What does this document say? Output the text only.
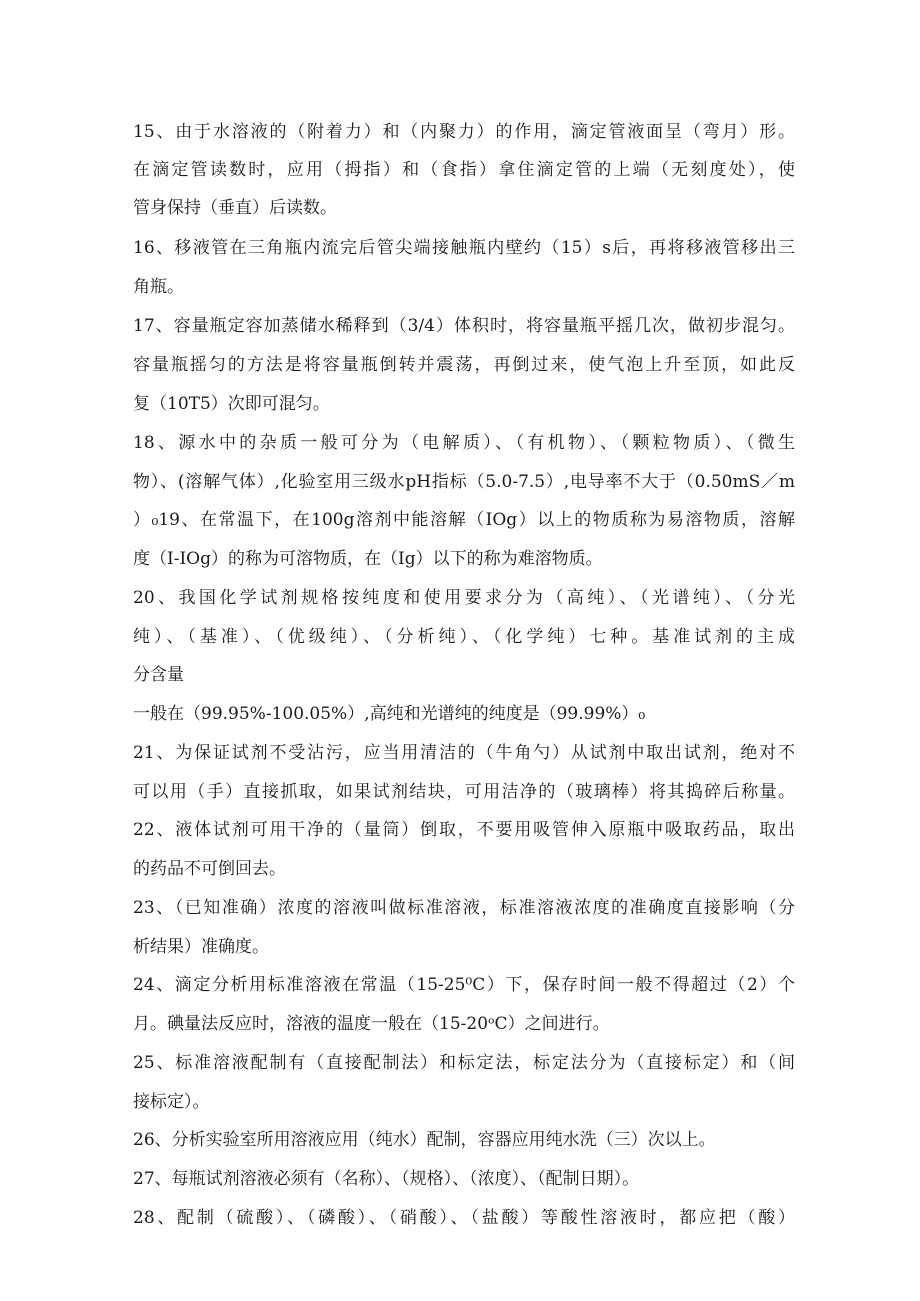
15、由于水溶液的（附着力）和（内聚力）的作用，滴定管液面呈（弯月）形。
在滴定管读数时，应用（拇指）和（食指）拿住滴定管的上端（无刻度处），使
管身保持（垂直）后读数。
16、移液管在三角瓶内流完后管尖端接触瓶内壁约（15）s后，再将移液管移出三
角瓶。
17、容量瓶定容加蒸储水稀释到（3/4）体积时，将容量瓶平摇几次，做初步混匀。
容量瓶摇匀的方法是将容量瓶倒转并震荡，再倒过来，使气泡上升至顶，如此反
复（10T5）次即可混匀。
18、源水中的杂质一般可分为（电解质）、（有机物）、（颗粒物质）、（微生
物）、(溶解气体）,化验室用三级水pH指标（5.0-7.5）,电导率不大于（0.50mS／m
）₀19、在常温下，在100g溶剂中能溶解（IOg）以上的物质称为易溶物质，溶解
度（I-IOg）的称为可溶物质，在（Ig）以下的称为难溶物质。
20、我国化学试剂规格按纯度和使用要求分为（高纯）、（光谱纯）、（分光
纯）、（基准）、（优级纯）、（分析纯）、（化学纯）七种。基准试剂的主成
分含量
一般在（99.95%-100.05%）,高纯和光谱纯的纯度是（99.99%）₀
21、为保证试剂不受沾污，应当用清洁的（牛角勺）从试剂中取出试剂，绝对不
可以用（手）直接抓取，如果试剂结块，可用洁净的（玻璃棒）将其捣碎后称量。
22、液体试剂可用干净的（量筒）倒取，不要用吸管伸入原瓶中吸取药品，取出
的药品不可倒回去。
23、（已知准确）浓度的溶液叫做标准溶液，标准溶液浓度的准确度直接影响（分
析结果）准确度。
24、滴定分析用标准溶液在常温（15-25⁰C）下，保存时间一般不得超过（2）个
月。碘量法反应时，溶液的温度一般在（15-20ᵒC）之间进行。
25、标准溶液配制有（直接配制法）和标定法，标定法分为（直接标定）和（间
接标定）。
26、分析实验室所用溶液应用（纯水）配制，容器应用纯水洗（三）次以上。
27、每瓶试剂溶液必须有（名称）、（规格）、（浓度）、（配制日期）。
28、配制（硫酸）、（磷酸）、（硝酸）、（盐酸）等酸性溶液时，都应把（酸）
